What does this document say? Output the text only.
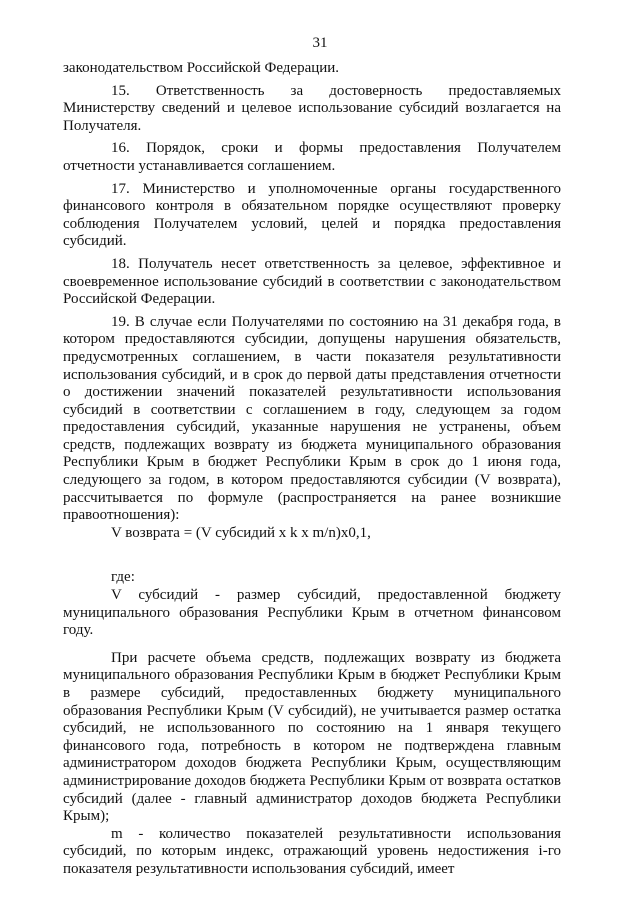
31

законодательством Российской Федерации.

15. Ответственность за достоверность предоставляемых Министерству сведений и целевое использование субсидий возлагается на Получателя.

16. Порядок, сроки и формы предоставления Получателем отчетности устанавливается соглашением.

17. Министерство и уполномоченные органы государственного финансового контроля в обязательном порядке осуществляют проверку соблюдения Получателем условий, целей и порядка предоставления субсидий.

18. Получатель несет ответственность за целевое, эффективное и своевременное использование субсидий в соответствии с законодательством Российской Федерации.

19. В случае если Получателями по состоянию на 31 декабря года, в котором предоставляются субсидии, допущены нарушения обязательств, предусмотренных соглашением, в части показателя результативности использования субсидий, и в срок до первой даты представления отчетности о достижении значений показателей результативности использования субсидий в соответствии с соглашением в году, следующем за годом предоставления субсидий, указанные нарушения не устранены, объем средств, подлежащих возврату из бюджета муниципального образования Республики Крым в бюджет Республики Крым в срок до 1 июня года, следующего за годом, в котором предоставляются субсидии (V возврата), рассчитывается по формуле (распространяется на ранее возникшие правоотношения):

V возврата = (V субсидий x k x m/n)x0,1,

где:

V субсидий - размер субсидий, предоставленной бюджету муниципального образования Республики Крым в отчетном финансовом году.

При расчете объема средств, подлежащих возврату из бюджета муниципального образования Республики Крым в бюджет Республики Крым в размере субсидий, предоставленных бюджету муниципального образования Республики Крым (V субсидий), не учитывается размер остатка субсидий, не использованного по состоянию на 1 января текущего финансового года, потребность в котором не подтверждена главным администратором доходов бюджета Республики Крым, осуществляющим администрирование доходов бюджета Республики Крым от возврата остатков субсидий (далее - главный администратор доходов бюджета Республики Крым);

m - количество показателей результативности использования субсидий, по которым индекс, отражающий уровень недостижения i-го показателя результативности использования субсидий, имеет
